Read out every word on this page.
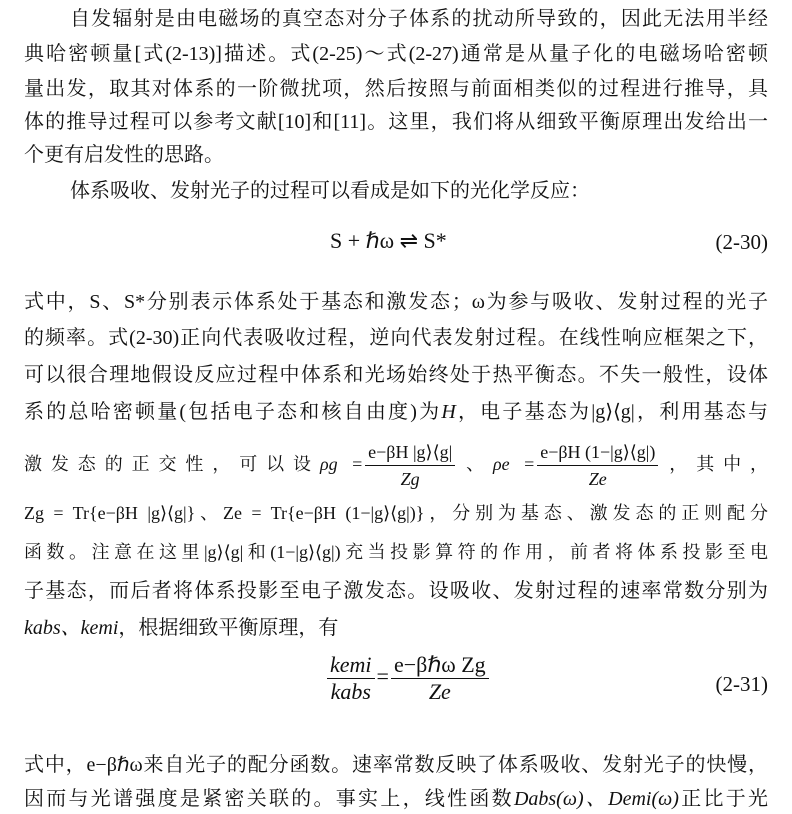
自发辐射是由电磁场的真空态对分子体系的扰动所导致的，因此无法用半经
典哈密顿量[式(2-13)]描述。式(2-25)～式(2-27)通常是从量子化的电磁场哈密顿
量出发，取其对体系的一阶微扰项，然后按照与前面相类似的过程进行推导，具
体的推导过程可以参考文献[10]和[11]。这里，我们将从细致平衡原理出发给出一
个更有启发性的思路。
体系吸收、发射光子的过程可以看成是如下的光化学反应：
S + ℏω ⇌ S*	(2-30)
式中，S、S*分别表示体系处于基态和激发态；ω为参与吸收、发射过程的光子
的频率。式(2-30)正向代表吸收过程，逆向代表发射过程。在线性响应框架之下，
可以很合理地假设反应过程中体系和光场始终处于热平衡态。不失一般性，设体
系的总哈密顿量(包括电子态和核自由度)为H，电子基态为|g⟩⟨g|，利用基态与
激发态的正交性，可以设$\rho g = \frac{e-\beta H |g⟩⟨g|}{Zg}$ 、$\rho e = \frac{e-\beta H (1-|g⟩⟨g|)}{Ze}$ ，其中，
Zg = Tr{e−βH |g⟩⟨g|}、Ze = Tr{e−βH (1−|g⟩⟨g|)}，分别为基态、激发态的正则配分
函数。注意在这里|g⟩⟨g|和(1−|g⟩⟨g|)充当投影算符的作用，前者将体系投影至电
子基态，而后者将体系投影至电子激发态。设吸收、发射过程的速率常数分别为
kabs、kemi，根据细致平衡原理，有
$\frac{\text{kemi}}{\text{kabs}} = \frac{\text{e−βℏω Zg}}{Ze}$	(2-31)
式中，e−βℏω来自光子的配分函数。速率常数反映了体系吸收、发射光子的快慢，
因而与光谱强度是紧密关联的。事实上，线性函数Dabs(ω)、Demi(ω)正比于光
